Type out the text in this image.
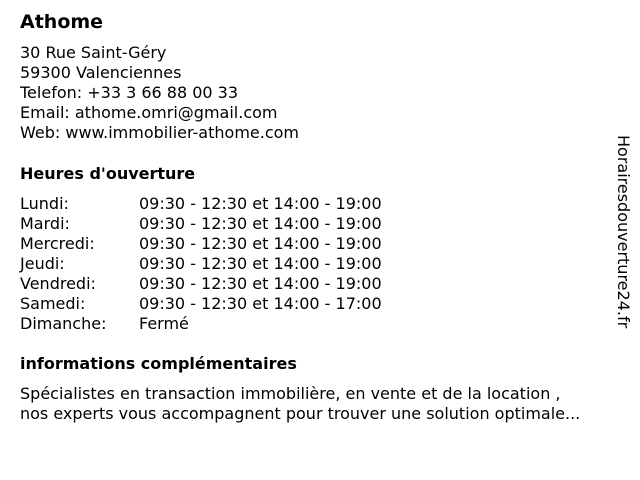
Athome
30 Rue Saint-Géry
59300 Valenciennes
Telefon: +33 3 66 88 00 33
Email: athome.omri@gmail.com
Web: www.immobilier-athome.com
Heures d'ouverture
Lundi:	09:30 - 12:30 et 14:00 - 19:00
Mardi:	09:30 - 12:30 et 14:00 - 19:00
Mercredi:	09:30 - 12:30 et 14:00 - 19:00
Jeudi:	09:30 - 12:30 et 14:00 - 19:00
Vendredi:	09:30 - 12:30 et 14:00 - 19:00
Samedi:	09:30 - 12:30 et 14:00 - 17:00
Dimanche:	Fermé
informations complémentaires
Spécialistes en transaction immobilière, en vente et de la location ,
nos experts vous accompagnent pour trouver une solution optimale...
Horairesdouverture24.fr
